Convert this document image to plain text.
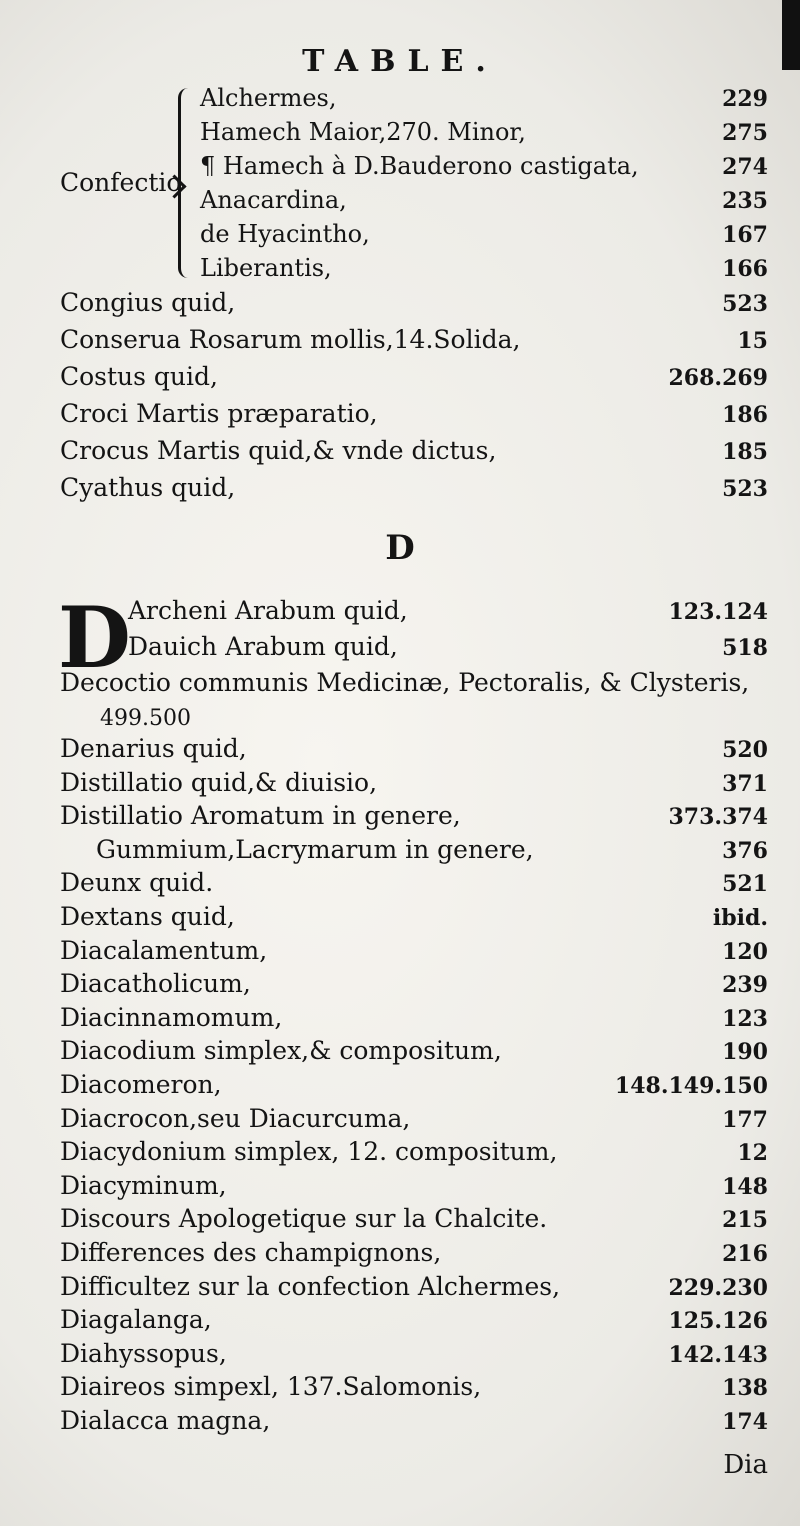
TABLE.
Confectio
Alchermes,	229
Hamech Maior,270. Minor,	275
¶ Hamech à D.Bauderono castigata,	274
Anacardina,	235
de Hyacintho,	167
Liberantis,	166
Congius quid,	523
Conserua Rosarum mollis,14.Solida,	15
Costus quid,	268.269
Croci Martis præparatio,	186
Crocus Martis quid,& vnde dictus,	185
Cyathus quid,	523
D
D
Archeni Arabum quid,	123.124
Dauich Arabum quid,	518
Decoctio communis Medicinæ, Pectoralis, & Clysteris,
499.500
Denarius quid,	520
Distillatio quid,& diuisio,	371
Distillatio Aromatum in genere,	373.374
Gummium,Lacrymarum in genere,	376
Deunx quid.	521
Dextans quid,	ibid.
Diacalamentum,	120
Diacatholicum,	239
Diacinnamomum,	123
Diacodium simplex,& compositum,	190
Diacomeron,	148.149.150
Diacrocon,seu Diacurcuma,	177
Diacydonium simplex, 12. compositum,	12
Diacyminum,	148
Discours Apologetique sur la Chalcite.	215
Differences des champignons,	216
Difficultez sur la confection Alchermes,	229.230
Diagalanga,	125.126
Diahyssopus,	142.143
Diaireos simpexl, 137.Salomonis,	138
Dialacca magna,	174
Dia
